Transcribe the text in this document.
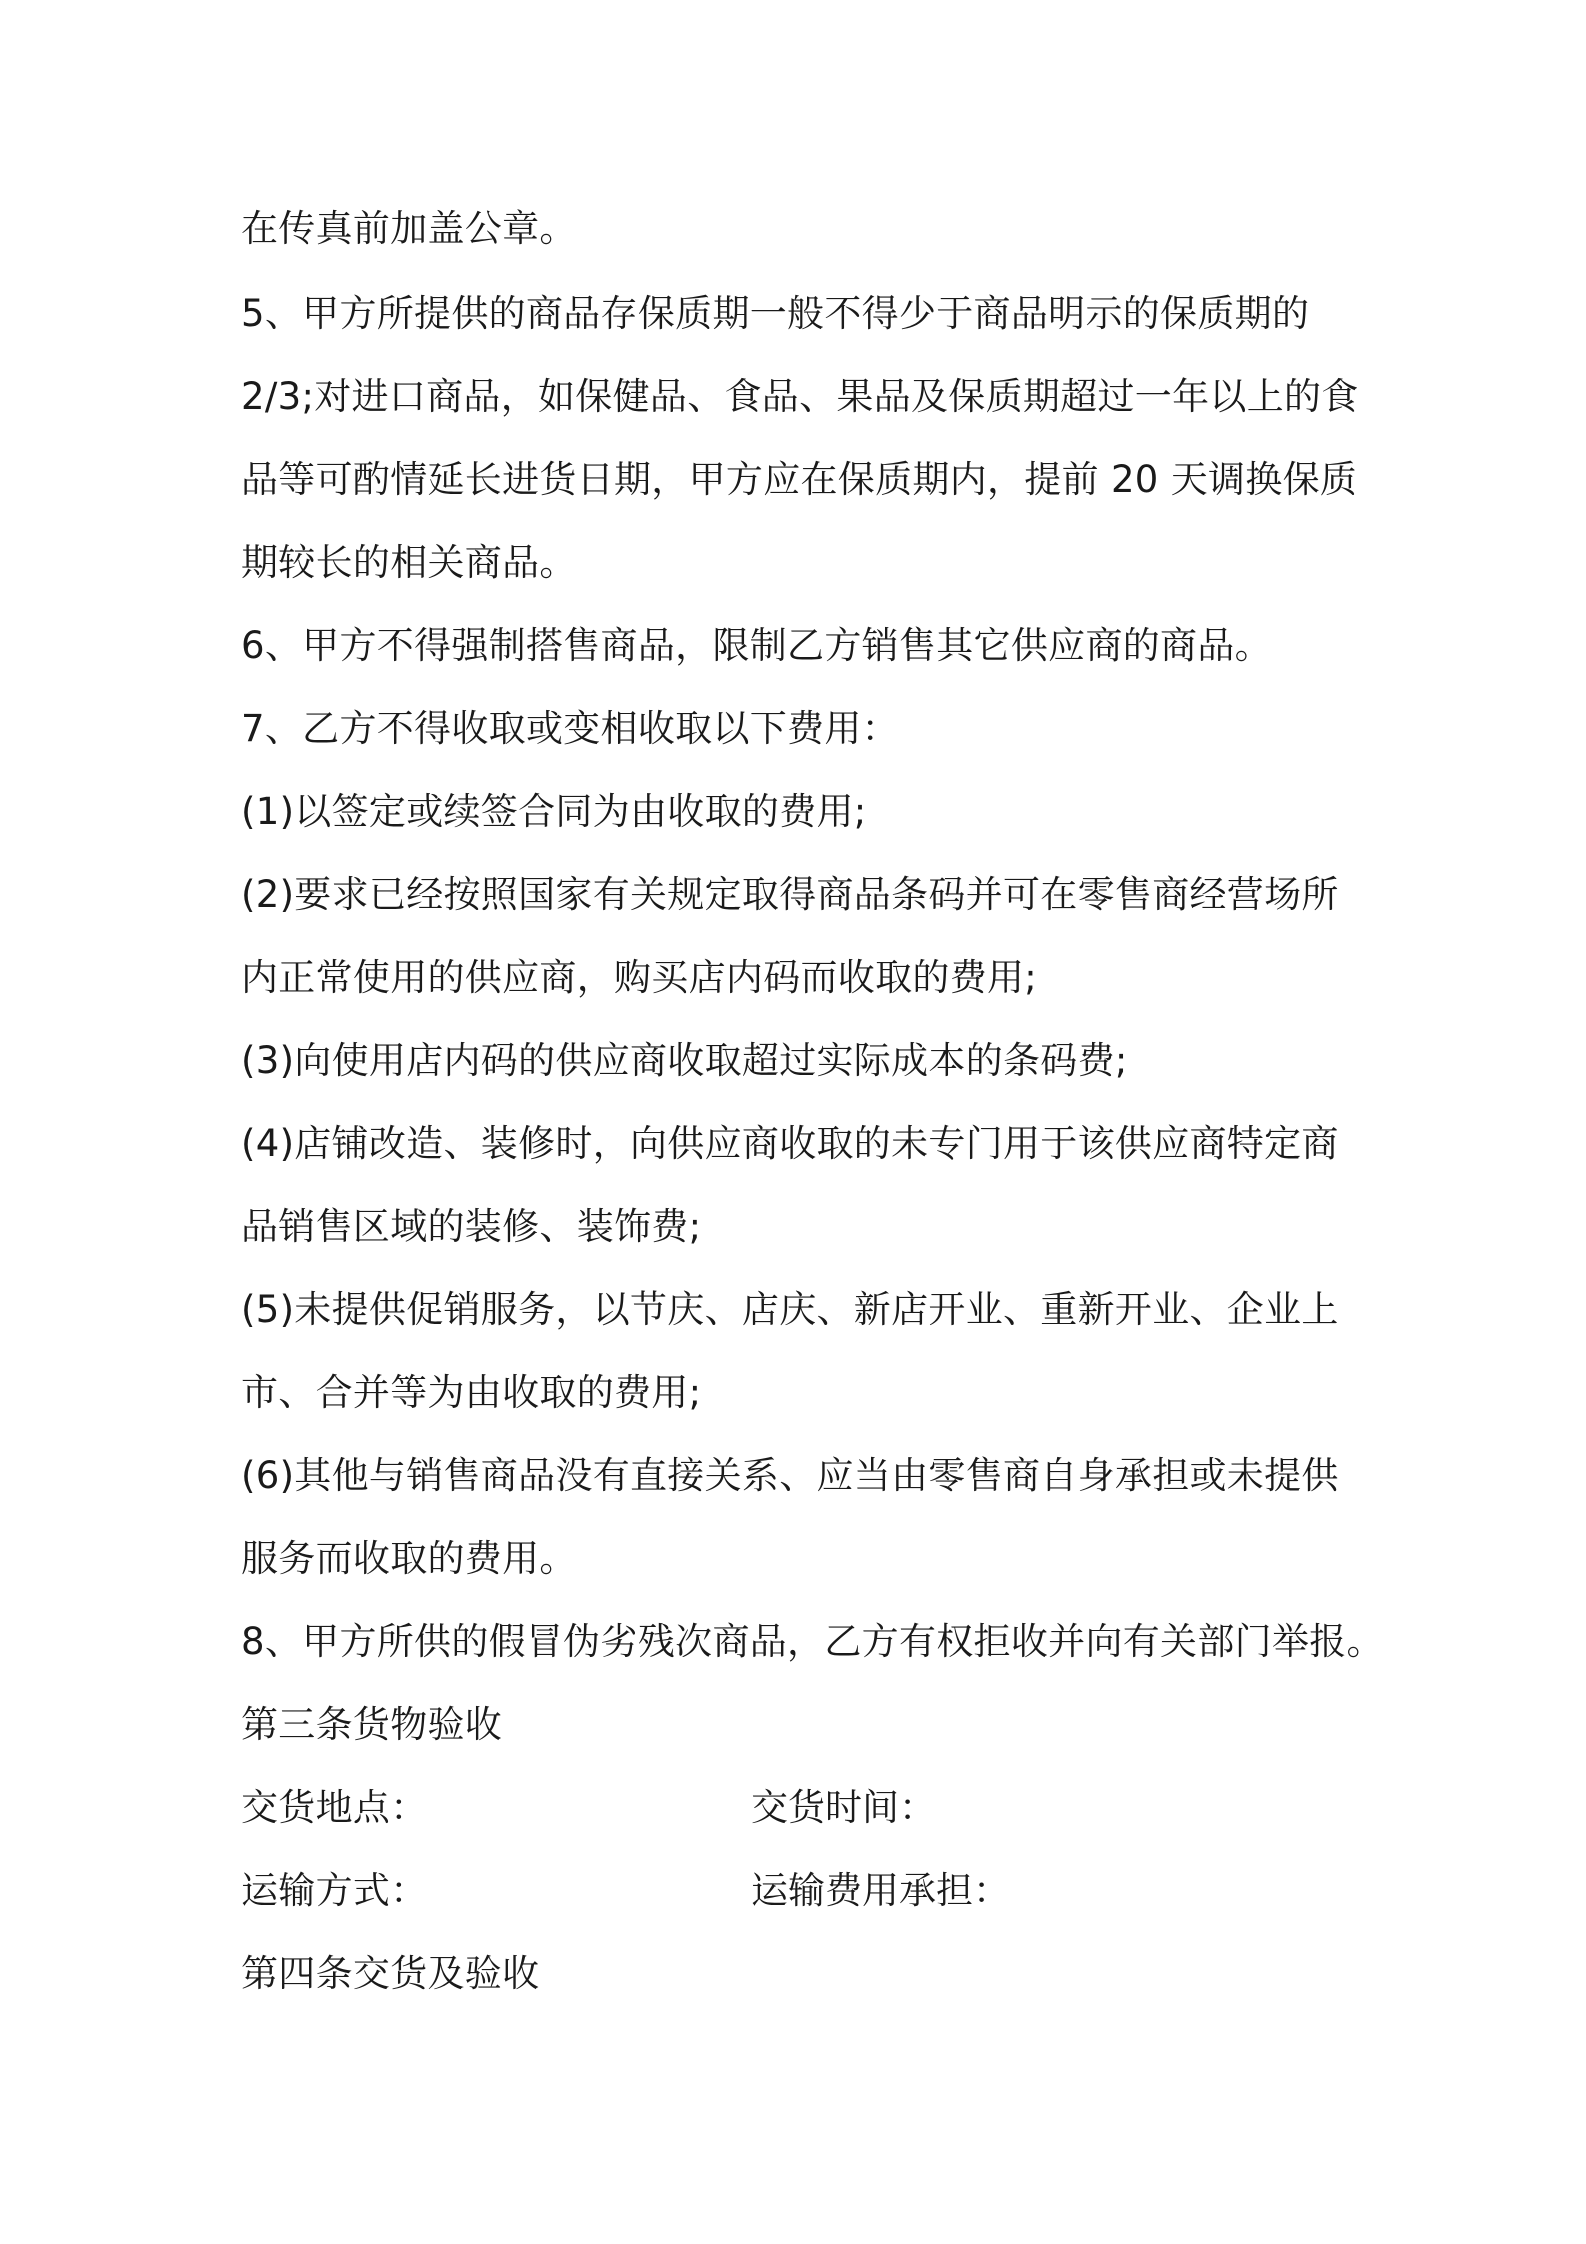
在传真前加盖公章。
5、甲方所提供的商品存保质期一般不得少于商品明示的保质期的
2/3;对进口商品，如保健品、食品、果品及保质期超过一年以上的食
品等可酌情延长进货日期，甲方应在保质期内，提前 20 天调换保质
期较长的相关商品。
6、甲方不得强制搭售商品，限制乙方销售其它供应商的商品。
7、乙方不得收取或变相收取以下费用：
(1)以签定或续签合同为由收取的费用;
(2)要求已经按照国家有关规定取得商品条码并可在零售商经营场所
内正常使用的供应商，购买店内码而收取的费用;
(3)向使用店内码的供应商收取超过实际成本的条码费;
(4)店铺改造、装修时，向供应商收取的未专门用于该供应商特定商
品销售区域的装修、装饰费;
(5)未提供促销服务，以节庆、店庆、新店开业、重新开业、企业上
市、合并等为由收取的费用;
(6)其他与销售商品没有直接关系、应当由零售商自身承担或未提供
服务而收取的费用。
8、甲方所供的假冒伪劣残次商品，乙方有权拒收并向有关部门举报。
第三条货物验收
交货地点：	交货时间：
运输方式：	运输费用承担：
第四条交货及验收
